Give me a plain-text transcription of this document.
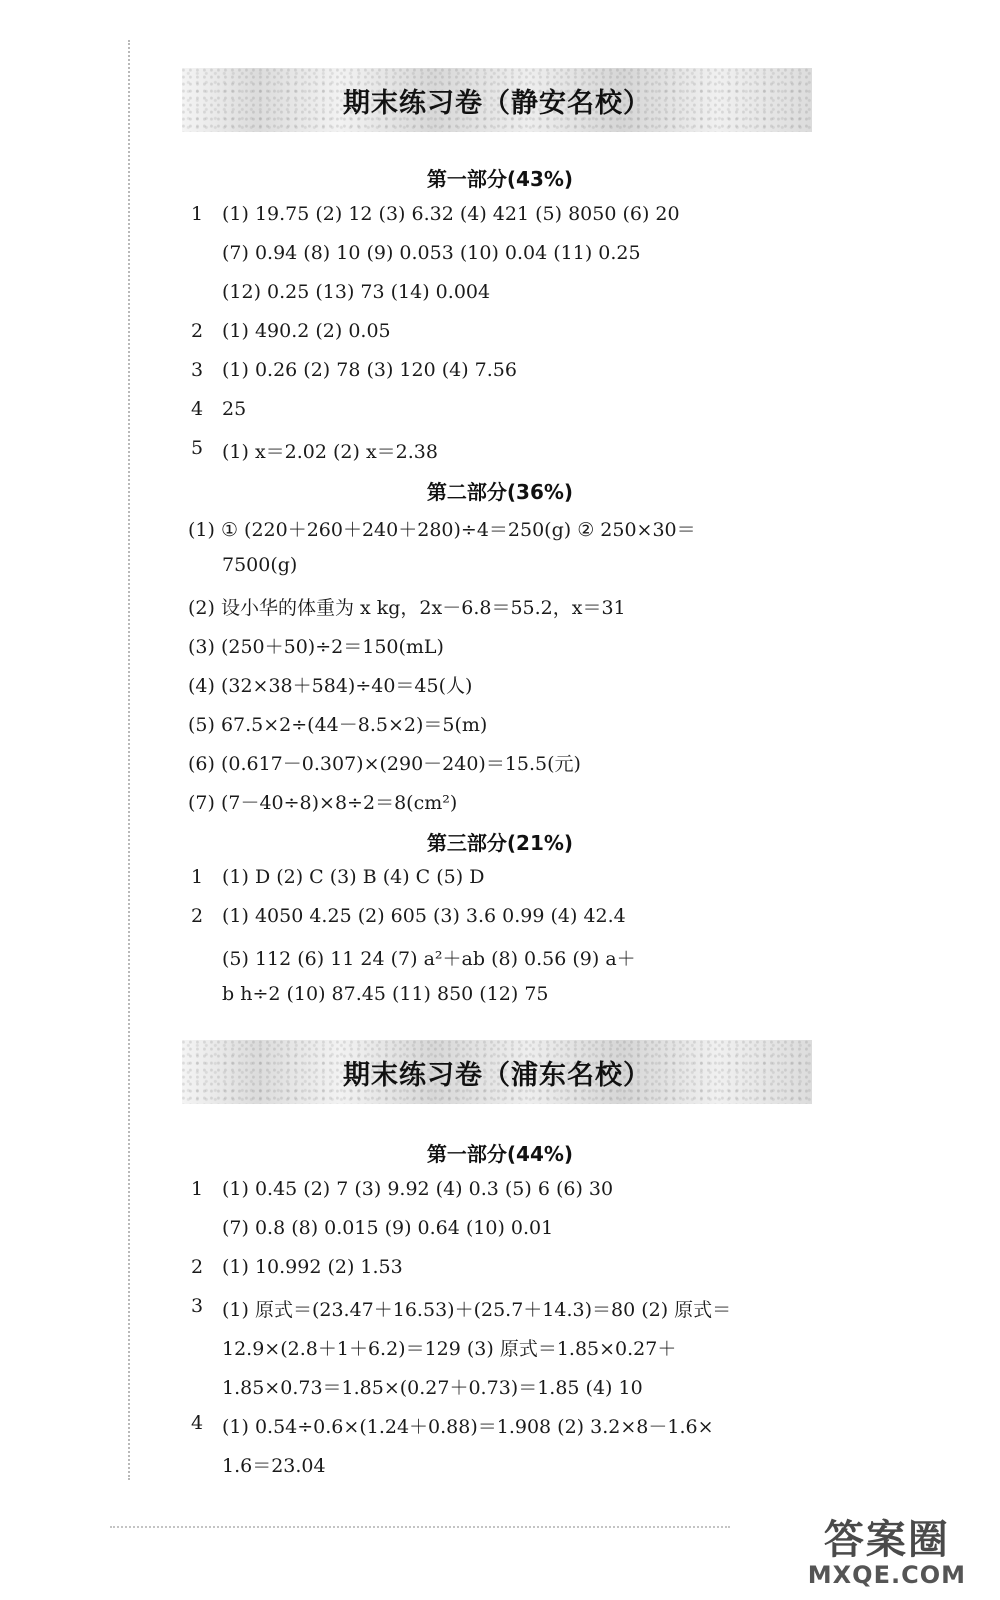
期末练习卷（静安名校）
第一部分(43%)
1 (1) 19.75 (2) 12 (3) 6.32 (4) 421 (5) 8050 (6) 20
(7) 0.94 (8) 10 (9) 0.053 (10) 0.04 (11) 0.25
(12) 0.25 (13) 73 (14) 0.004
2 (1) 490.2 (2) 0.05
3 (1) 0.26 (2) 78 (3) 120 (4) 7.56
4 25
5 (1) x＝2.02 (2) x＝2.38
第二部分(36%)
(1) ① (220＋260＋240＋280)÷4＝250(g) ② 250×30＝
7500(g)
(2) 设小华的体重为 x kg，2x－6.8＝55.2，x＝31
(3) (250＋50)÷2＝150(mL)
(4) (32×38＋584)÷40＝45(人)
(5) 67.5×2÷(44－8.5×2)＝5(m)
(6) (0.617－0.307)×(290－240)＝15.5(元)
(7) (7－40÷8)×8÷2＝8(cm²)
第三部分(21%)
1 (1) D (2) C (3) B (4) C (5) D
2 (1) 4050 4.25 (2) 605 (3) 3.6 0.99 (4) 42.4
(5) 112 (6) 11 24 (7) a²＋ab (8) 0.56 (9) a＋
b h÷2 (10) 87.45 (11) 850 (12) 75
期末练习卷（浦东名校）
第一部分(44%)
1 (1) 0.45 (2) 7 (3) 9.92 (4) 0.3 (5) 6 (6) 30
(7) 0.8 (8) 0.015 (9) 0.64 (10) 0.01
2 (1) 10.992 (2) 1.53
3 (1) 原式＝(23.47＋16.53)＋(25.7＋14.3)＝80 (2) 原式＝
12.9×(2.8＋1＋6.2)＝129 (3) 原式＝1.85×0.27＋
1.85×0.73＝1.85×(0.27＋0.73)＝1.85 (4) 10
4 (1) 0.54÷0.6×(1.24＋0.88)＝1.908 (2) 3.2×8－1.6×
1.6＝23.04
答案圈
MXQE.COM
